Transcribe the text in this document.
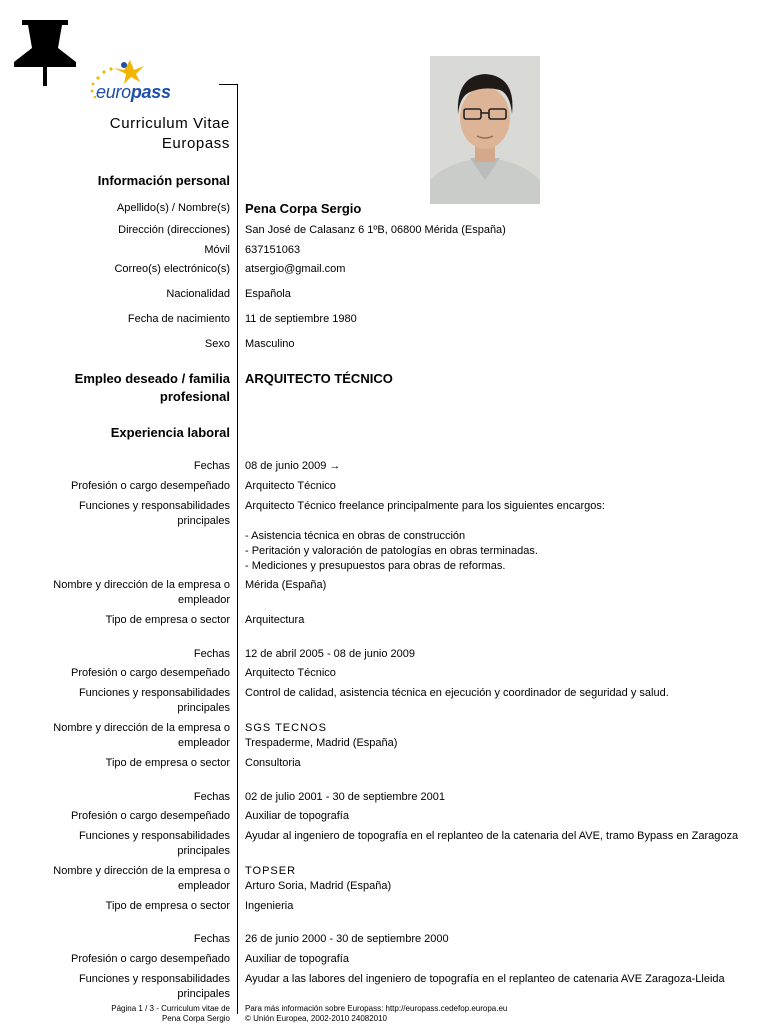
europass
Curriculum Vitae
Europass
Información personal
Apellido(s) / Nombre(s) Pena Corpa Sergio
Dirección (direcciones) San José de Calasanz 6 1ºB, 06800 Mérida (España)
Móvil 637151063
Correo(s) electrónico(s) atsergio@gmail.com
Nacionalidad Española
Fecha de nacimiento 11 de septiembre 1980
Sexo Masculino
Empleo deseado / familia
profesional
ARQUITECTO TÉCNICO
Experiencia laboral
Fechas 08 de junio 2009 →
Profesión o cargo desempeñado Arquitecto Técnico
Funciones y responsabilidades
principales
Arquitecto Técnico freelance principalmente para los siguientes encargos:
- Asistencia técnica en obras de construcción
- Peritación y valoración de patologías en obras terminadas.
- Mediciones y presupuestos para obras de reformas.
Nombre y dirección de la empresa o
empleador
Mérida (España)
Tipo de empresa o sector Arquitectura
Fechas 12 de abril 2005 - 08 de junio 2009
Profesión o cargo desempeñado Arquitecto Técnico
Funciones y responsabilidades
principales
Control de calidad, asistencia técnica en ejecución y coordinador de seguridad y salud.
Nombre y dirección de la empresa o
empleador
SGS TECNOS
Trespaderme, Madrid (España)
Tipo de empresa o sector Consultoria
Fechas 02 de julio 2001 - 30 de septiembre 2001
Profesión o cargo desempeñado Auxiliar de topografía
Funciones y responsabilidades
principales
Ayudar al ingeniero de topografía en el replanteo de la catenaria del AVE, tramo Bypass en Zaragoza
Nombre y dirección de la empresa o
empleador
TOPSER
Arturo Soria, Madrid (España)
Tipo de empresa o sector Ingenieria
Fechas 26 de junio 2000 - 30 de septiembre 2000
Profesión o cargo desempeñado Auxiliar de topografía
Funciones y responsabilidades
principales
Ayudar a las labores del ingeniero de topografía en el replanteo de catenaria AVE Zaragoza-Lleida
Página 1 / 3 - Curriculum vitae de
Pena Corpa Sergio
Para más información sobre Europass: http://europass.cedefop.europa.eu
© Unión Europea, 2002-2010 24082010
